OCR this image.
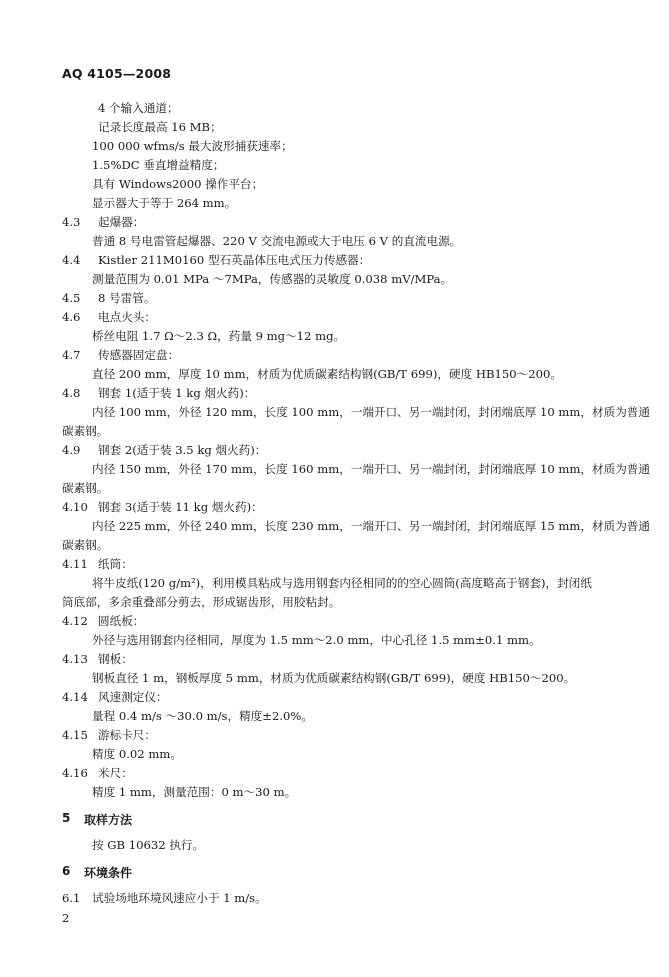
AQ 4105—2008
4 个输入通道；
记录长度最高 16 MB；
100 000 wfms/s 最大波形捕获速率；
1.5%DC 垂直增益精度；
具有 Windows2000 操作平台；
显示器大于等于 264 mm。
4.3 起爆器：
普通 8 号电雷管起爆器、220 V 交流电源或大于电压 6 V 的直流电源。
4.4 Kistler 211M0160 型石英晶体压电式压力传感器：
测量范围为 0.01 MPa ～7MPa，传感器的灵敏度 0.038 mV/MPa。
4.5 8 号雷管。
4.6 电点火头：
桥丝电阻 1.7 Ω～2.3 Ω，药量 9 mg～12 mg。
4.7 传感器固定盘：
直径 200 mm，厚度 10 mm，材质为优质碳素结构钢(GB/T 699)，硬度 HB150～200。
4.8 钢套 1(适于装 1 kg 烟火药)：
内径 100 mm，外径 120 mm，长度 100 mm，一端开口、另一端封闭，封闭端底厚 10 mm，材质为普通
碳素钢。
4.9 钢套 2(适于装 3.5 kg 烟火药)：
内径 150 mm，外径 170 mm，长度 160 mm，一端开口、另一端封闭，封闭端底厚 10 mm，材质为普通
碳素钢。
4.10 钢套 3(适于装 11 kg 烟火药)：
内径 225 mm，外径 240 mm，长度 230 mm，一端开口、另一端封闭，封闭端底厚 15 mm，材质为普通
碳素钢。
4.11 纸筒：
将牛皮纸(120 g/m²)，利用模具粘成与选用钢套内径相同的的空心圆筒(高度略高于钢套)，封闭纸
筒底部，多余重叠部分剪去，形成锯齿形，用胶粘封。
4.12 圆纸板：
外径与选用钢套内径相同，厚度为 1.5 mm～2.0 mm，中心孔径 1.5 mm±0.1 mm。
4.13 钢板：
钢板直径 1 m，钢板厚度 5 mm，材质为优质碳素结构钢(GB/T 699)，硬度 HB150～200。
4.14 风速测定仪：
量程 0.4 m/s ～30.0 m/s，精度±2.0%。
4.15 游标卡尺：
精度 0.02 mm。
4.16 米尺：
精度 1 mm，测量范围：0 m～30 m。
5 取样方法
按 GB 10632 执行。
6 环境条件
6.1 试验场地环境风速应小于 1 m/s。
2
